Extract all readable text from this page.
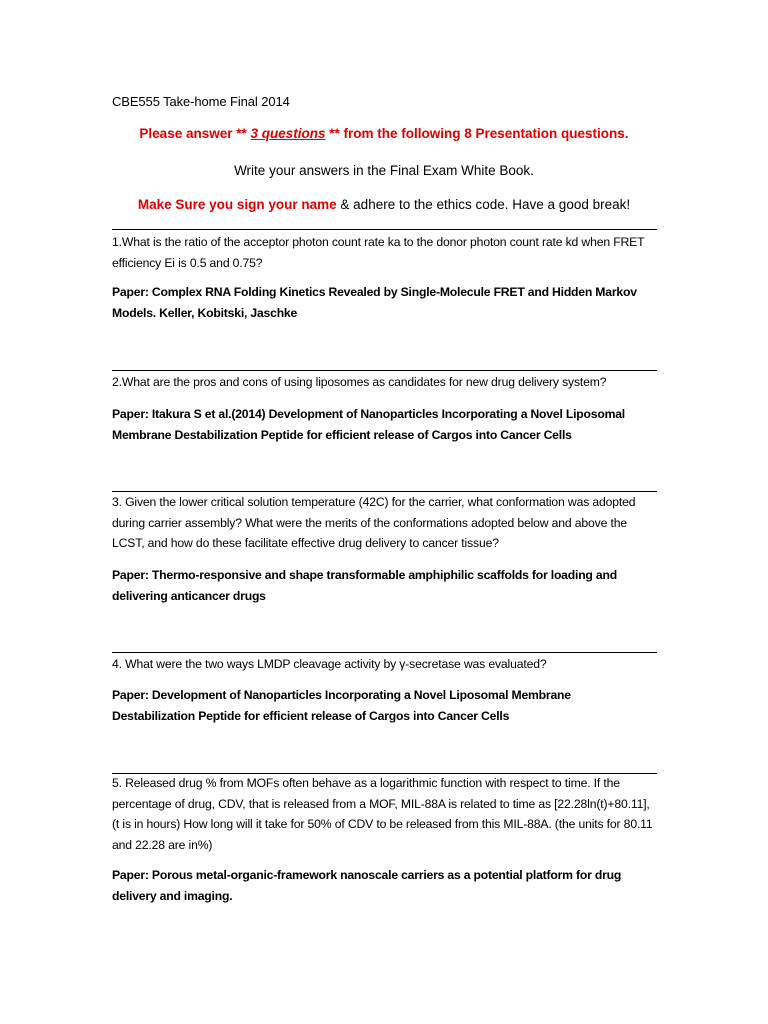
CBE555 Take-home Final 2014
Please answer ** 3 questions ** from the following 8 Presentation questions.
Write your answers in the Final Exam White Book.
Make Sure you sign your name & adhere to the ethics code. Have a good break!
1.What is the ratio of the acceptor photon count rate ka to the donor photon count rate kd when FRET efficiency Ei is 0.5 and 0.75?
Paper: Complex RNA Folding Kinetics Revealed by Single-Molecule FRET and Hidden Markov Models. Keller, Kobitski, Jaschke
2.What are the pros and cons of using liposomes as candidates for new drug delivery system?
Paper: Itakura S et al.(2014) Development of Nanoparticles Incorporating a Novel Liposomal Membrane Destabilization Peptide for efficient release of Cargos into Cancer Cells
3. Given the lower critical solution temperature (42C) for the carrier, what conformation was adopted during carrier assembly? What were the merits of the conformations adopted below and above the LCST, and how do these facilitate effective drug delivery to cancer tissue?
Paper: Thermo-responsive and shape transformable amphiphilic scaffolds for loading and delivering anticancer drugs
4. What were the two ways LMDP cleavage activity by γ-secretase was evaluated?
Paper: Development of Nanoparticles Incorporating a Novel Liposomal Membrane Destabilization Peptide for efficient release of Cargos into Cancer Cells
5. Released drug % from MOFs often behave as a logarithmic function with respect to time. If the percentage of drug, CDV, that is released from a MOF, MIL-88A is related to time as [22.28ln(t)+80.11], (t is in hours) How long will it take for 50% of CDV to be released from this MIL-88A. (the units for 80.11 and 22.28 are in%)
Paper: Porous metal-organic-framework nanoscale carriers as a potential platform for drug delivery and imaging.
